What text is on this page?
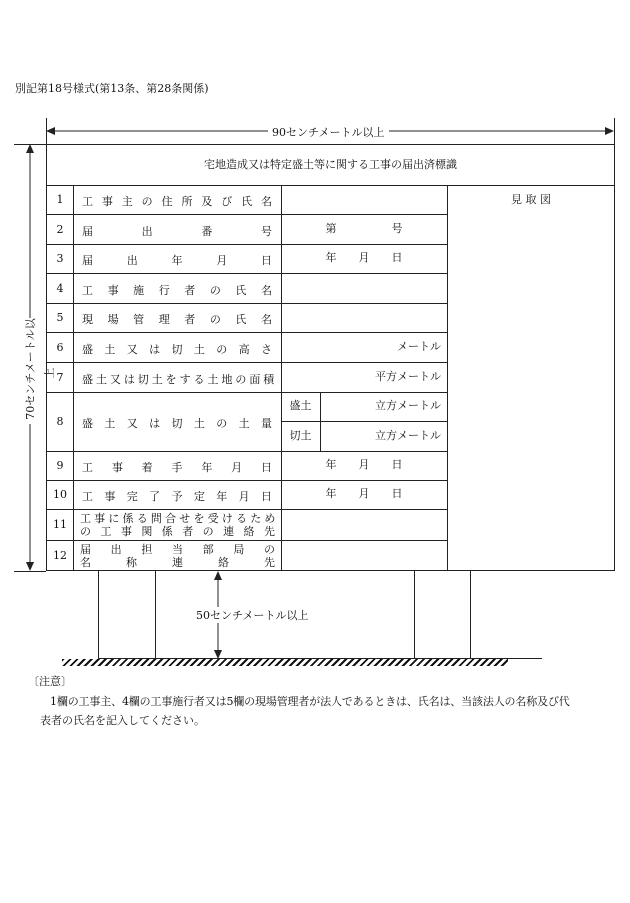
別記第18号様式(第13条、第28条関係)
90センチメートル以上
70センチメートル以上
宅地造成又は特定盛土等に関する工事の届出済標識
見 取 図
1	工事主の住所及び氏名
2	届出番号	第　　　　　号
3	届出年月日	年　　月　　日
4	工事施行者の氏名
5	現場管理者の氏名
6	盛土又は切土の高さ	メートル
7	盛土又は切土をする土地の面積	平方メートル
8	盛土又は切土の土量
盛土	立方メートル
切土	立方メートル
9	工事着手年月日	年　　月　　日
10	工事完了予定年月日	年　　月　　日
11	工事に係る問合せを受けるため
の工事関係者の連絡先
12	届出担当部局の
名称連絡先
50センチメートル以上
〔注意〕
1欄の工事主、4欄の工事施行者又は5欄の現場管理者が法人であるときは、氏名は、当該法人の名称及び代
表者の氏名を記入してください。
